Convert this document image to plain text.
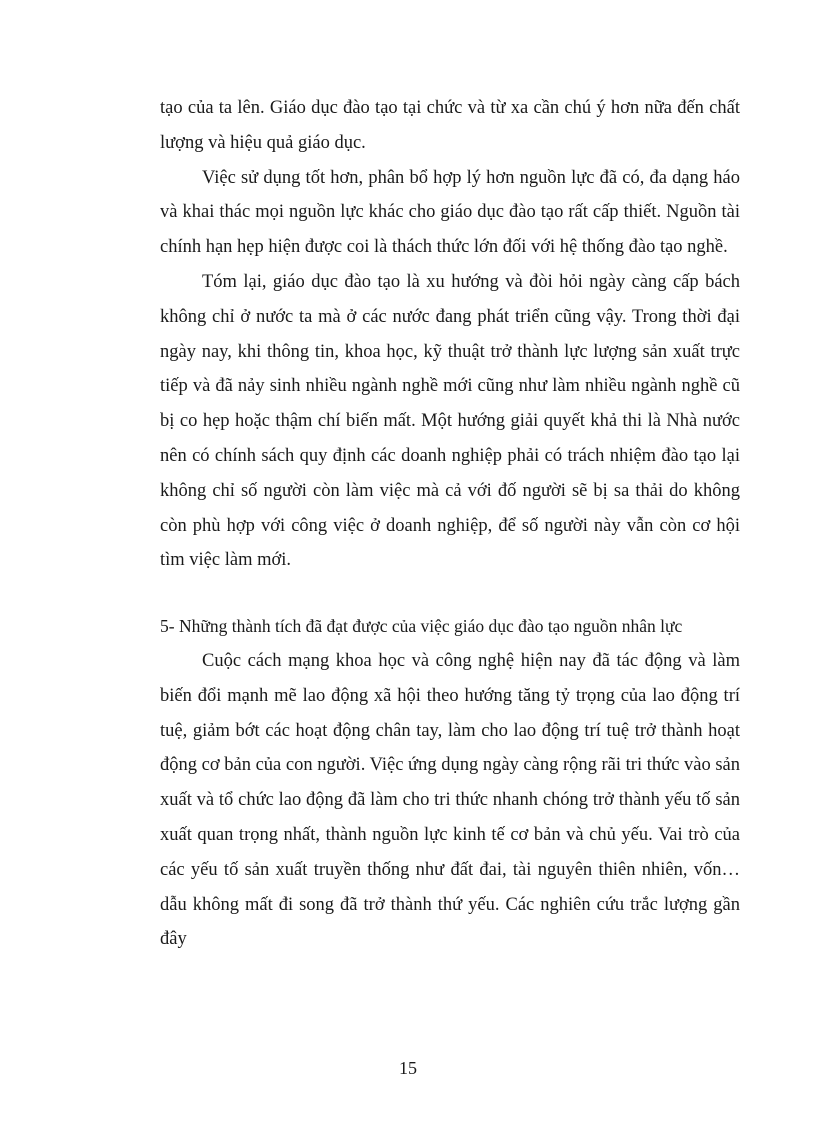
tạo của ta lên. Giáo dục đào tạo tại chức và từ xa cần chú ý hơn nữa đến chất lượng và hiệu quả giáo dục.

Việc sử dụng tốt hơn, phân bổ hợp lý hơn nguồn lực đã có, đa dạng háo và khai thác mọi nguồn lực khác cho giáo dục đào tạo rất cấp thiết. Nguồn tài chính hạn hẹp hiện được coi là thách thức lớn đối với hệ thống đào tạo nghề.

Tóm lại, giáo dục đào tạo là xu hướng và đòi hỏi ngày càng cấp bách không chỉ ở nước ta mà ở các nước đang phát triển cũng vậy. Trong thời đại ngày nay, khi thông tin, khoa học, kỹ thuật trở thành lực lượng sản xuất trực tiếp và đã nảy sinh nhiều ngành nghề mới cũng như làm nhiều ngành nghề cũ bị co hẹp hoặc thậm chí biến mất. Một hướng giải quyết khả thi là Nhà nước nên có chính sách quy định các doanh nghiệp phải có trách nhiệm đào tạo lại không chỉ số người còn làm việc mà cả với đố người sẽ bị sa thải do không còn phù hợp với công việc ở doanh nghiệp, để số người này vẫn còn cơ hội tìm việc làm mới.

5- Những thành tích đã đạt được của việc giáo dục đào tạo nguồn nhân lực

Cuộc cách mạng khoa học và công nghệ hiện nay đã tác động và làm biến đổi mạnh mẽ lao động xã hội theo hướng tăng tỷ trọng của lao động trí tuệ, giảm bớt các hoạt động chân tay, làm cho lao động trí tuệ trở thành hoạt động cơ bản của con người. Việc ứng dụng ngày càng rộng rãi tri thức vào sản xuất và tổ chức lao động đã làm cho tri thức nhanh chóng trở thành yếu tố sản xuất quan trọng nhất, thành nguồn lực kinh tế cơ bản và chủ yếu. Vai trò của các yếu tố sản xuất truyền thống như đất đai, tài nguyên thiên nhiên, vốn…dẫu không mất đi song đã trở thành thứ yếu. Các nghiên cứu trắc lượng gần đây

15
